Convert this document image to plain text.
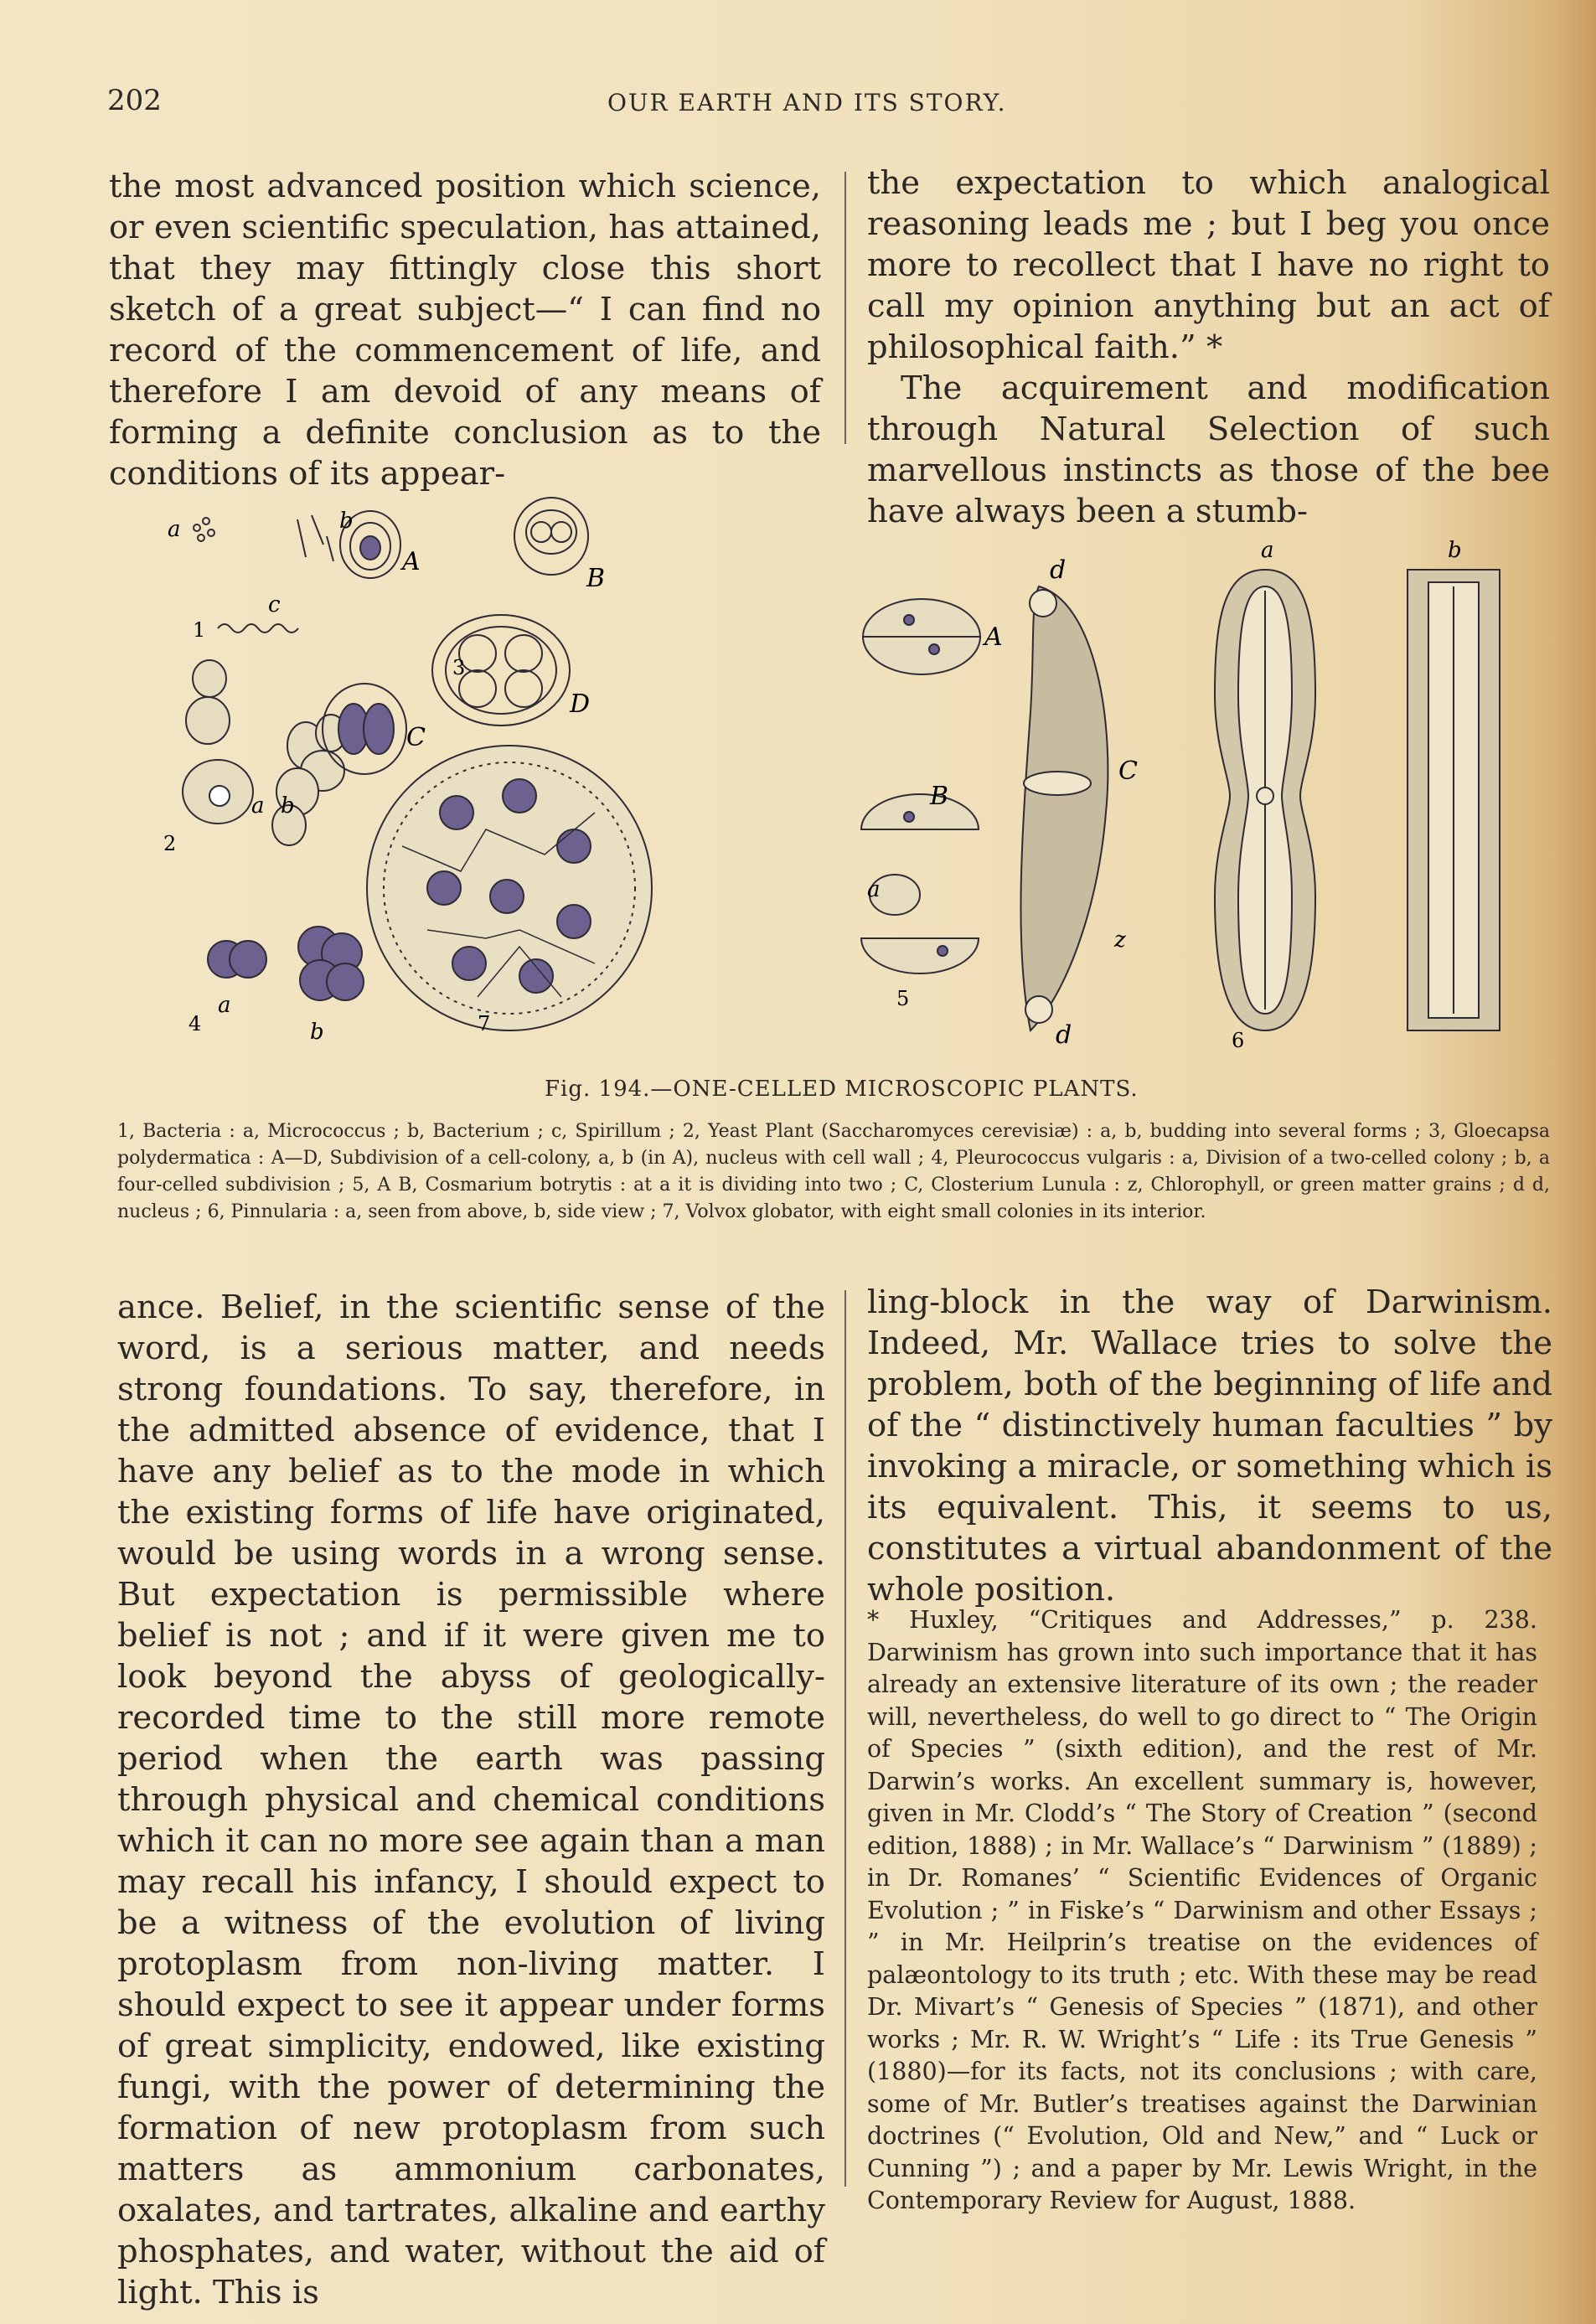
202	OUR EARTH AND ITS STORY.

the most advanced position which science, or even scientific speculation, has attained, that they may fittingly close this short sketch of a great subject—“ I can find no record of the commencement of life, and therefore I am devoid of any means of forming a definite conclusion as to the conditions of its appear-

the expectation to which analogical reasoning leads me ; but I beg you once more to recollect that I have no right to call my opinion anything but an act of philosophical faith.” *

The acquirement and modification through Natural Selection of such marvellous instincts as those of the bee have always been a stumb-

a	b
c
1
a b
2
A
B
C
D
3
a
b
4	7
A
B
a
5
d
C
z
d
a	b
6
Fig. 194.—ONE-CELLED MICROSCOPIC PLANTS.

1, Bacteria : a, Micrococcus ; b, Bacterium ; c, Spirillum ; 2, Yeast Plant (Saccharomyces cerevisiæ) : a, b, budding into several forms ; 3, Gloecapsa polydermatica : A—D, Subdivision of a cell-colony, a, b (in A), nucleus with cell wall ; 4, Pleurococcus vulgaris : a, Division of a two-celled colony ; b, a four-celled subdivision ; 5, A B, Cosmarium botrytis : at a it is dividing into two ; C, Closterium Lunula : z, Chlorophyll, or green matter grains ; d d, nucleus ; 6, Pinnularia : a, seen from above, b, side view ; 7, Volvox globator, with eight small colonies in its interior.

ance. Belief, in the scientific sense of the word, is a serious matter, and needs strong foundations. To say, therefore, in the admitted absence of evidence, that I have any belief as to the mode in which the existing forms of life have originated, would be using words in a wrong sense. But expectation is permissible where belief is not ; and if it were given me to look beyond the abyss of geologically-recorded time to the still more remote period when the earth was passing through physical and chemical conditions which it can no more see again than a man may recall his infancy, I should expect to be a witness of the evolution of living protoplasm from non-living matter. I should expect to see it appear under forms of great simplicity, endowed, like existing fungi, with the power of determining the formation of new protoplasm from such matters as ammonium carbonates, oxalates, and tartrates, alkaline and earthy phosphates, and water, without the aid of light. This is

ling-block in the way of Darwinism. Indeed, Mr. Wallace tries to solve the problem, both of the beginning of life and of the “ distinctively human faculties ” by invoking a miracle, or something which is its equivalent. This, it seems to us, constitutes a virtual abandonment of the whole position.

* Huxley, “Critiques and Addresses,” p. 238. Darwinism has grown into such importance that it has already an extensive literature of its own ; the reader will, nevertheless, do well to go direct to “ The Origin of Species ” (sixth edition), and the rest of Mr. Darwin’s works. An excellent summary is, however, given in Mr. Clodd’s “ The Story of Creation ” (second edition, 1888) ; in Mr. Wallace’s “ Darwinism ” (1889) ; in Dr. Romanes’ “ Scientific Evidences of Organic Evolution ; ” in Fiske’s “ Darwinism and other Essays ; ” in Mr. Heilprin’s treatise on the evidences of palæontology to its truth ; etc. With these may be read Dr. Mivart’s “ Genesis of Species ” (1871), and other works ; Mr. R. W. Wright’s “ Life : its True Genesis ” (1880)—for its facts, not its conclusions ; with care, some of Mr. Butler’s treatises against the Darwinian doctrines (“ Evolution, Old and New,” and “ Luck or Cunning ”) ; and a paper by Mr. Lewis Wright, in the Contemporary Review for August, 1888.
